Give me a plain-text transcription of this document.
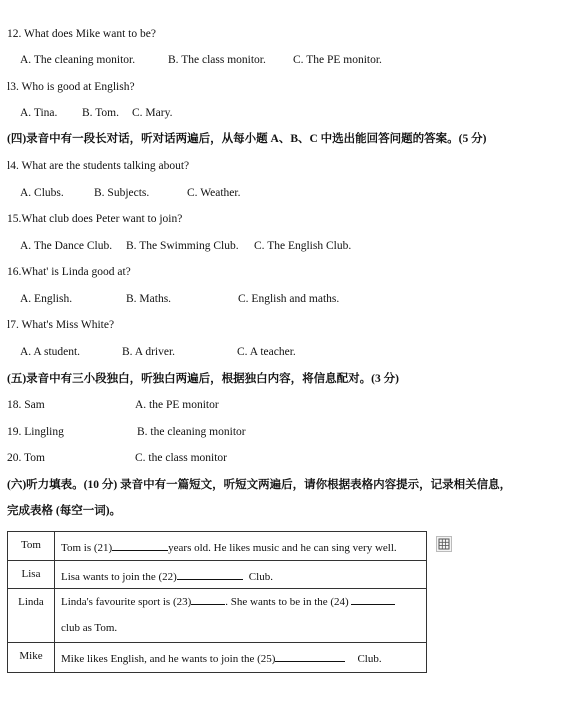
12. What does Mike want to be?
A. The cleaning monitor.	B. The class monitor. C. The PE monitor.
l3. Who is good at English?
A. Tina. B. Tom. C. Mary.
(四)录音中有一段长对话，听对话两遍后，从每小题 A、B、C 中选出能回答问题的答案。(5 分)
l4. What are the students talking about?
A. Clubs.	B. Subjects.	C. Weather.
15.What club does Peter want to join?
A. The Dance Club. B. The Swimming Club. C. The English Club.
16.What' is Linda good at?
A. English.	B. Maths.	C. English and maths.
l7. What's Miss White?
A. A student.	B. A driver.	C. A teacher.
(五)录音中有三小段独白，听独白两遍后，根据独白内容，将信息配对。(3 分)
18. Sam	A. the PE monitor
19. Lingling	B. the cleaning monitor
20. Tom	C. the class monitor
(六)听力填表。(10 分) 录音中有一篇短文，听短文两遍后，请你根据表格内容提示，记录相关信息，
完成表格 (每空一词)。
Tom	Tom is (21) years old. He likes music and he can sing very well.
Lisa	Lisa wants to join the (22) Club.
Linda	Linda's favourite sport is (23) . She wants to be in the (24)
club as Tom.
Mike	Mike likes English, and he wants to join the (25) Club.
